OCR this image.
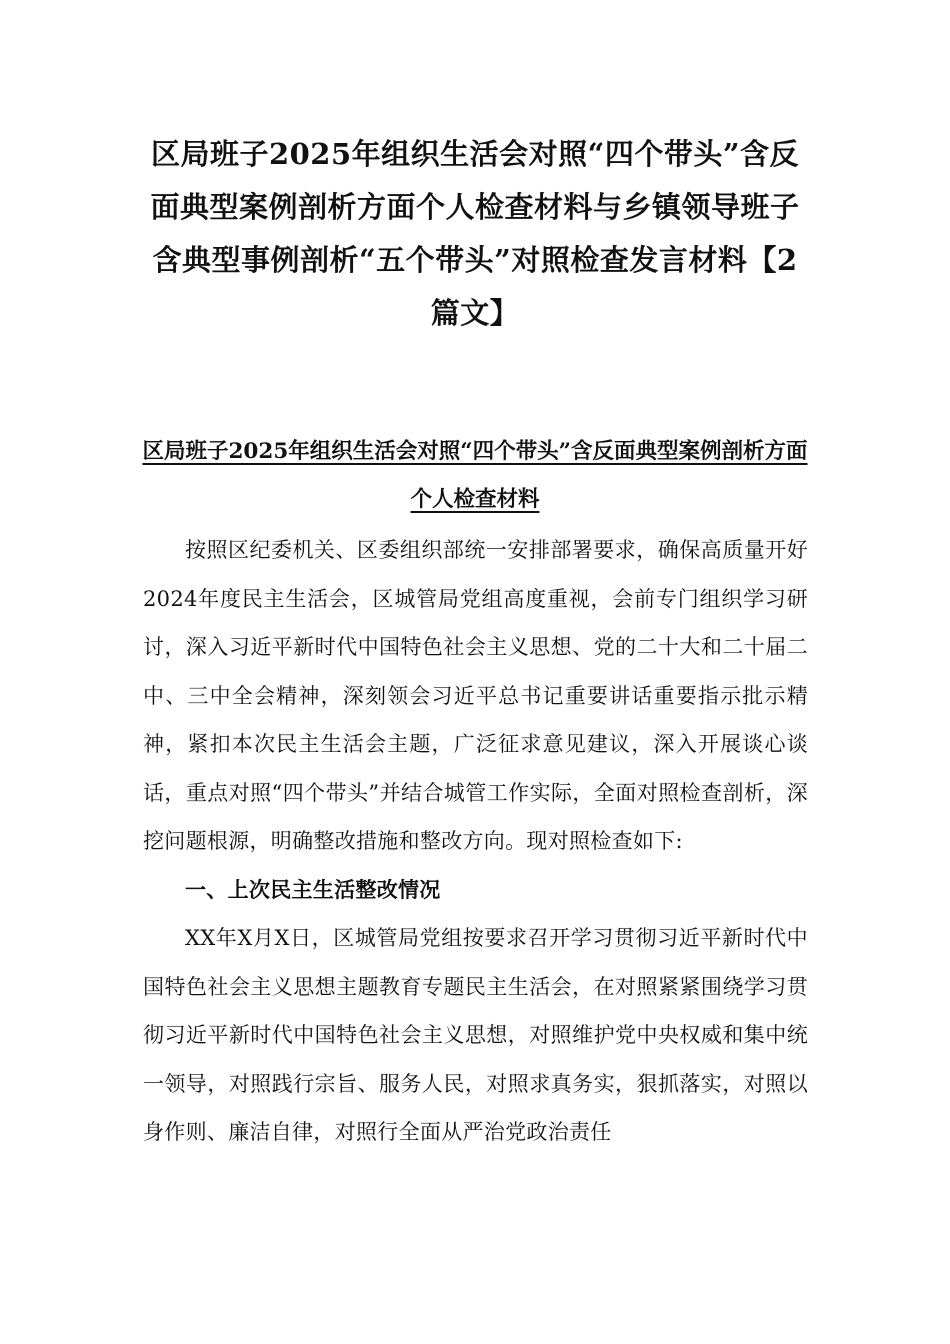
区局班子2025年组织生活会对照“四个带头”含反面典型案例剖析方面个人检查材料与乡镇领导班子含典型事例剖析“五个带头”对照检查发言材料【2篇文】
区局班子2025年组织生活会对照“四个带头”含反面典型案例剖析方面个人检查材料

按照区纪委机关、区委组织部统一安排部署要求，确保高质量开好2024年度民主生活会，区城管局党组高度重视，会前专门组织学习研讨，深入习近平新时代中国特色社会主义思想、党的二十大和二十届二中、三中全会精神，深刻领会习近平总书记重要讲话重要指示批示精神，紧扣本次民主生活会主题，广泛征求意见建议，深入开展谈心谈话，重点对照“四个带头”并结合城管工作实际，全面对照检查剖析，深挖问题根源，明确整改措施和整改方向。现对照检查如下:

一、上次民主生活整改情况

XX年X月X日，区城管局党组按要求召开学习贯彻习近平新时代中国特色社会主义思想主题教育专题民主生活会，在对照紧紧围绕学习贯彻习近平新时代中国特色社会主义思想，对照维护党中央权威和集中统一领导，对照践行宗旨、服务人民，对照求真务实，狠抓落实，对照以身作则、廉洁自律，对照行全面从严治党政治责任
